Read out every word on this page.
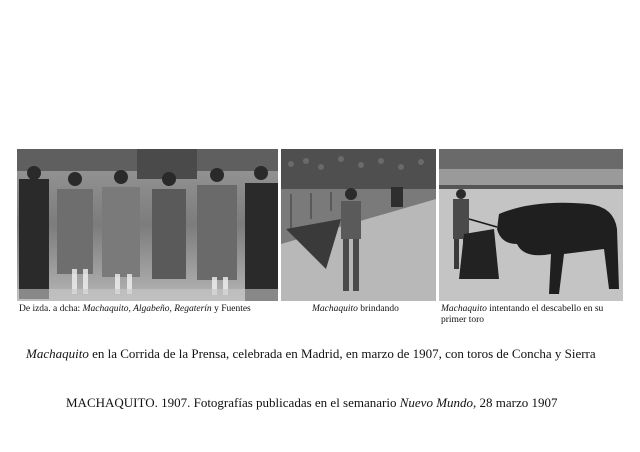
De izda. a dcha: Machaquito, Algabeño, Regaterín y Fuentes	Machaquito brindando	Machaquito intentando el descabello en su primer toro
Machaquito en la Corrida de la Prensa, celebrada en Madrid, en marzo de 1907, con toros de Concha y Sierra
MACHAQUITO. 1907. Fotografías publicadas en el semanario Nuevo Mundo, 28 marzo 1907
